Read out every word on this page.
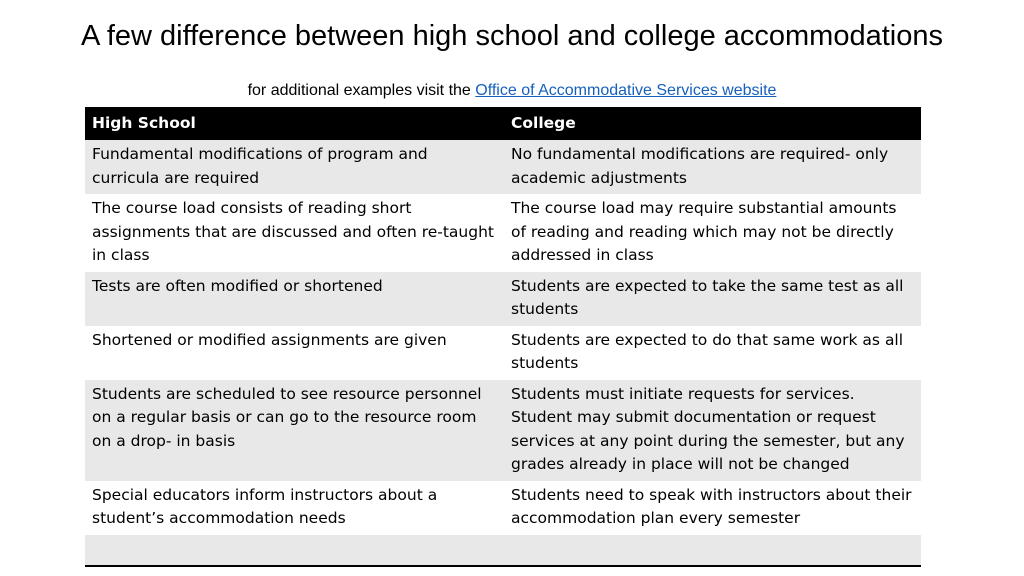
A few difference between high school and college accommodations
for additional examples visit the Office of Accommodative Services website
High School	College
Fundamental modifications of program and curricula are required	No fundamental modifications are required- only academic adjustments
The course load consists of reading short assignments that are discussed and often re-taught in class	The course load may require substantial amounts of reading and reading which may not be directly addressed in class
Tests are often modified or shortened	Students are expected to take the same test as all students
Shortened or modified assignments are given	Students are expected to do that same work as all students
Students are scheduled to see resource personnel on a regular basis or can go to the resource room on a drop- in basis	Students must initiate requests for services. Student may submit documentation or request services at any point during the semester, but any grades already in place will not be changed
Special educators inform instructors about a student’s accommodation needs	Students need to speak with instructors about their accommodation plan every semester
